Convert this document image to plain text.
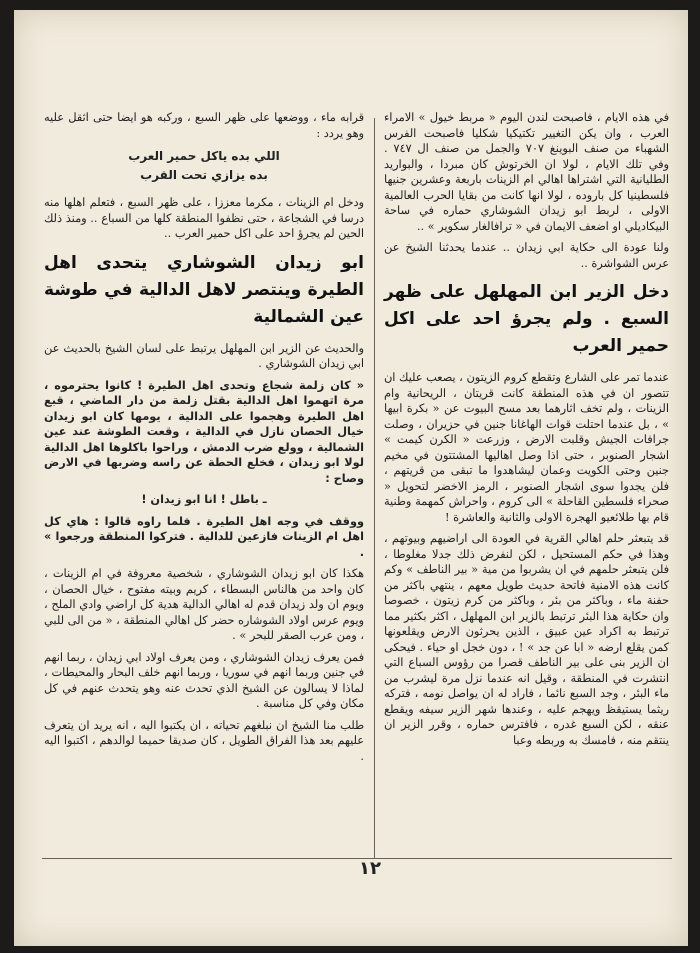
في هذه الايام ، فاصبحت لندن اليوم « مربط خيول » الامراء العرب ، وان يكن التغيير تكتيكيا شكليا فاصبحت الفرس الشهباء من صنف البوينغ ٧٠٧ والجمل من صنف ال ٧٤٧ . وفي تلك الايام ، لولا ان الخرتوش كان مبردا ، والبواريد الطليانية التي اشتراها اهالي ام الزينات باربعة وعشرين جنيها فلسطينيا كل باروده ، لولا انها كانت من بقايا الحرب العالمية الاولى ، لربط ابو زيدان الشوشاري حماره في ساحة البيكاديلي او اضعف الايمان في « ترافالغار سكوير » ..

ولنا عودة الى حكاية ابي زيدان .. عندما يحدثنا الشيخ عن عرس الشواشرة ..

دخل الزير ابن المهلهل على ظهر السبع . ولم يجرؤ احد على اكل حمير العرب

عندما تمر على الشارع وتقطع كروم الزيتون ، يصعب عليك ان تتصور ان في هذه المنطقة كانت قريتان ، الريحانية وام الزينات ، ولم تخف اثارهما بعد مسح البيوت عن « بكرة ابيها » ، بل عندما احتلت قوات الهاغانا جنين في حزيران ، وصلت جرافات الجيش وقلبت الارض ، وزرعت « الكرن كيمت » اشجار الصنوبر ، حتى اذا وصل اهاليها المشتتون في مخيم جنين وحتى الكويت وعمان ليشاهدوا ما تبقى من قريتهم ، فلن يجدوا سوى اشجار الصنوبر ، الرمز الاخضر لتحويل « صحراء فلسطين القاحلة » الى كروم ، واحراش كمهمة وطنية قام بها طلائعيو الهجرة الاولى والثانية والعاشرة !

قد يتبعثر حلم اهالي القرية في العودة الى اراضيهم وبيوتهم ، وهذا في حكم المستحيل ، لكن لنفرض ذلك جدلا مغلوطا ، فلن يتبعثر حلمهم في ان يشربوا من مية « بير الناطف » وكم كانت هذه الامنية فاتحة حديث طويل معهم ، ينتهي باكثر من حفنة ماء ، وباكثر من بئر ، وباكثر من كرم زيتون ، خصوصا وان حكاية هذا البئر ترتبط بالزير ابن المهلهل ، اكثر بكثير مما ترتبط به اكراد عين عبيق ، الذين يحرثون الارض ويقلعونها كمن يقلع ارضه « ابا عن جد » ! ، دون خجل او حياء . فيحكى ان الزير بنى على بير الناطف قصرا من رؤوس السباع التي انتشرت في المنطقة ، وقيل انه عندما نزل مرة ليشرب من ماء البئر ، وجد السبع نائما ، فاراد له ان يواصل نومه ، فتركه ريثما يستيقظ ويهجم عليه ، وعندها شهر الزير سيفه ويقطع عنقه ، لكن السبع غدره ، فافترس حماره ، وقرر الزير ان ينتقم منه ، فامسك به وربطه وعبا

قرابه ماء ، ووضعها على ظهر السبع ، وركبه هو ايضا حتى اثقل عليه وهو يردد :

اللي بده ياكل حمير العرب
بده يزازي تحت القرب

ودخل ام الزينات ، مكرما معززا ، على ظهر السبع ، فتعلم اهلها منه درسا في الشجاعة ، حتى نظفوا المنطقة كلها من السباع .. ومنذ ذلك الحين لم يجرؤ احد على اكل حمير العرب ..

ابو زيدان الشوشاري يتحدى اهل الطيرة وينتصر لاهل الدالية في طوشة عين الشمالية

والحديث عن الزير ابن المهلهل يرتبط على لسان الشيخ بالحديث عن ابي زيدان الشوشاري .

« كان زلمة شجاع وتحدى اهل الطيرة ! كانوا يحترموه ، مرة اتهموا اهل الدالية بقتل زلمة من دار الماضي ، قبع اهل الطيرة وهجموا على الدالية ، يومها كان ابو زيدان خيال الحصان نازل في الدالية ، وقعت الطوشة عند عين الشمالية ، وولع ضرب الدمش ، وراحوا باكلوها اهل الدالية لولا ابو زيدان ، فخلع الحطة عن راسه وضربها في الارض وصاح :

ـ باطل ! انا ابو زيدان !

ووقف في وجه اهل الطيرة . فلما راوه قالوا : هاي كل اهل ام الزينات فازعين للدالية . فتركوا المنطقة ورجعوا » .

هكذا كان ابو زيدان الشوشاري ، شخصية معروفة في ام الزينات ، كان واحد من هالناس البسطاء ، كريم وبيته مفتوح ، خيال الحصان ، ويوم ان ولد زيدان قدم له اهالي الدالية هدية كل اراضي وادي الملح ، ويوم عرس اولاد الشوشاره حضر كل اهالي المنطقة ، « من الى للبي ، ومن عرب الصقر للبحر » .

فمن يعرف زيدان الشوشاري ، ومن يعرف اولاد ابي زيدان ، ربما انهم في جنين وربما انهم في سوريا ، وربما انهم خلف البحار والمحيطات ، لماذا لا يسالون عن الشيخ الذي تحدث عنه وهو يتحدث عنهم في كل مكان وفي كل مناسبة .

طلب منا الشيخ ان نبلغهم تحياته ، ان يكتبوا اليه ، انه يريد ان يتعرف عليهم بعد هذا الفراق الطويل ، كان صديقا حميما لوالدهم ، اكتبوا اليه .

١٢
